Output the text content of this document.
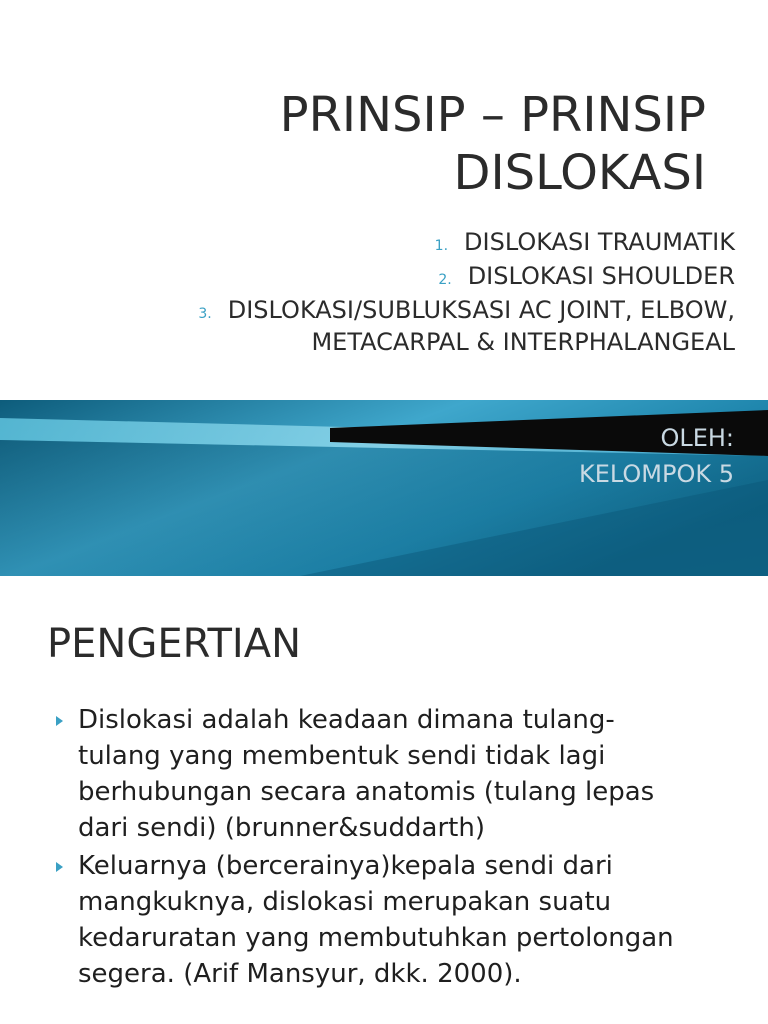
PRINSIP – PRINSIP
DISLOKASI
1. DISLOKASI TRAUMATIK
2. DISLOKASI SHOULDER
3. DISLOKASI/SUBLUKSASI AC JOINT, ELBOW,
METACARPAL & INTERPHALANGEAL
OLEH:
KELOMPOK 5
PENGERTIAN
Dislokasi adalah keadaan dimana tulang-
tulang yang membentuk sendi tidak lagi
berhubungan secara anatomis (tulang lepas
dari sendi) (brunner&suddarth)
Keluarnya (bercerainya)kepala sendi dari
mangkuknya, dislokasi merupakan suatu
kedaruratan yang membutuhkan pertolongan
segera. (Arif Mansyur, dkk. 2000).
